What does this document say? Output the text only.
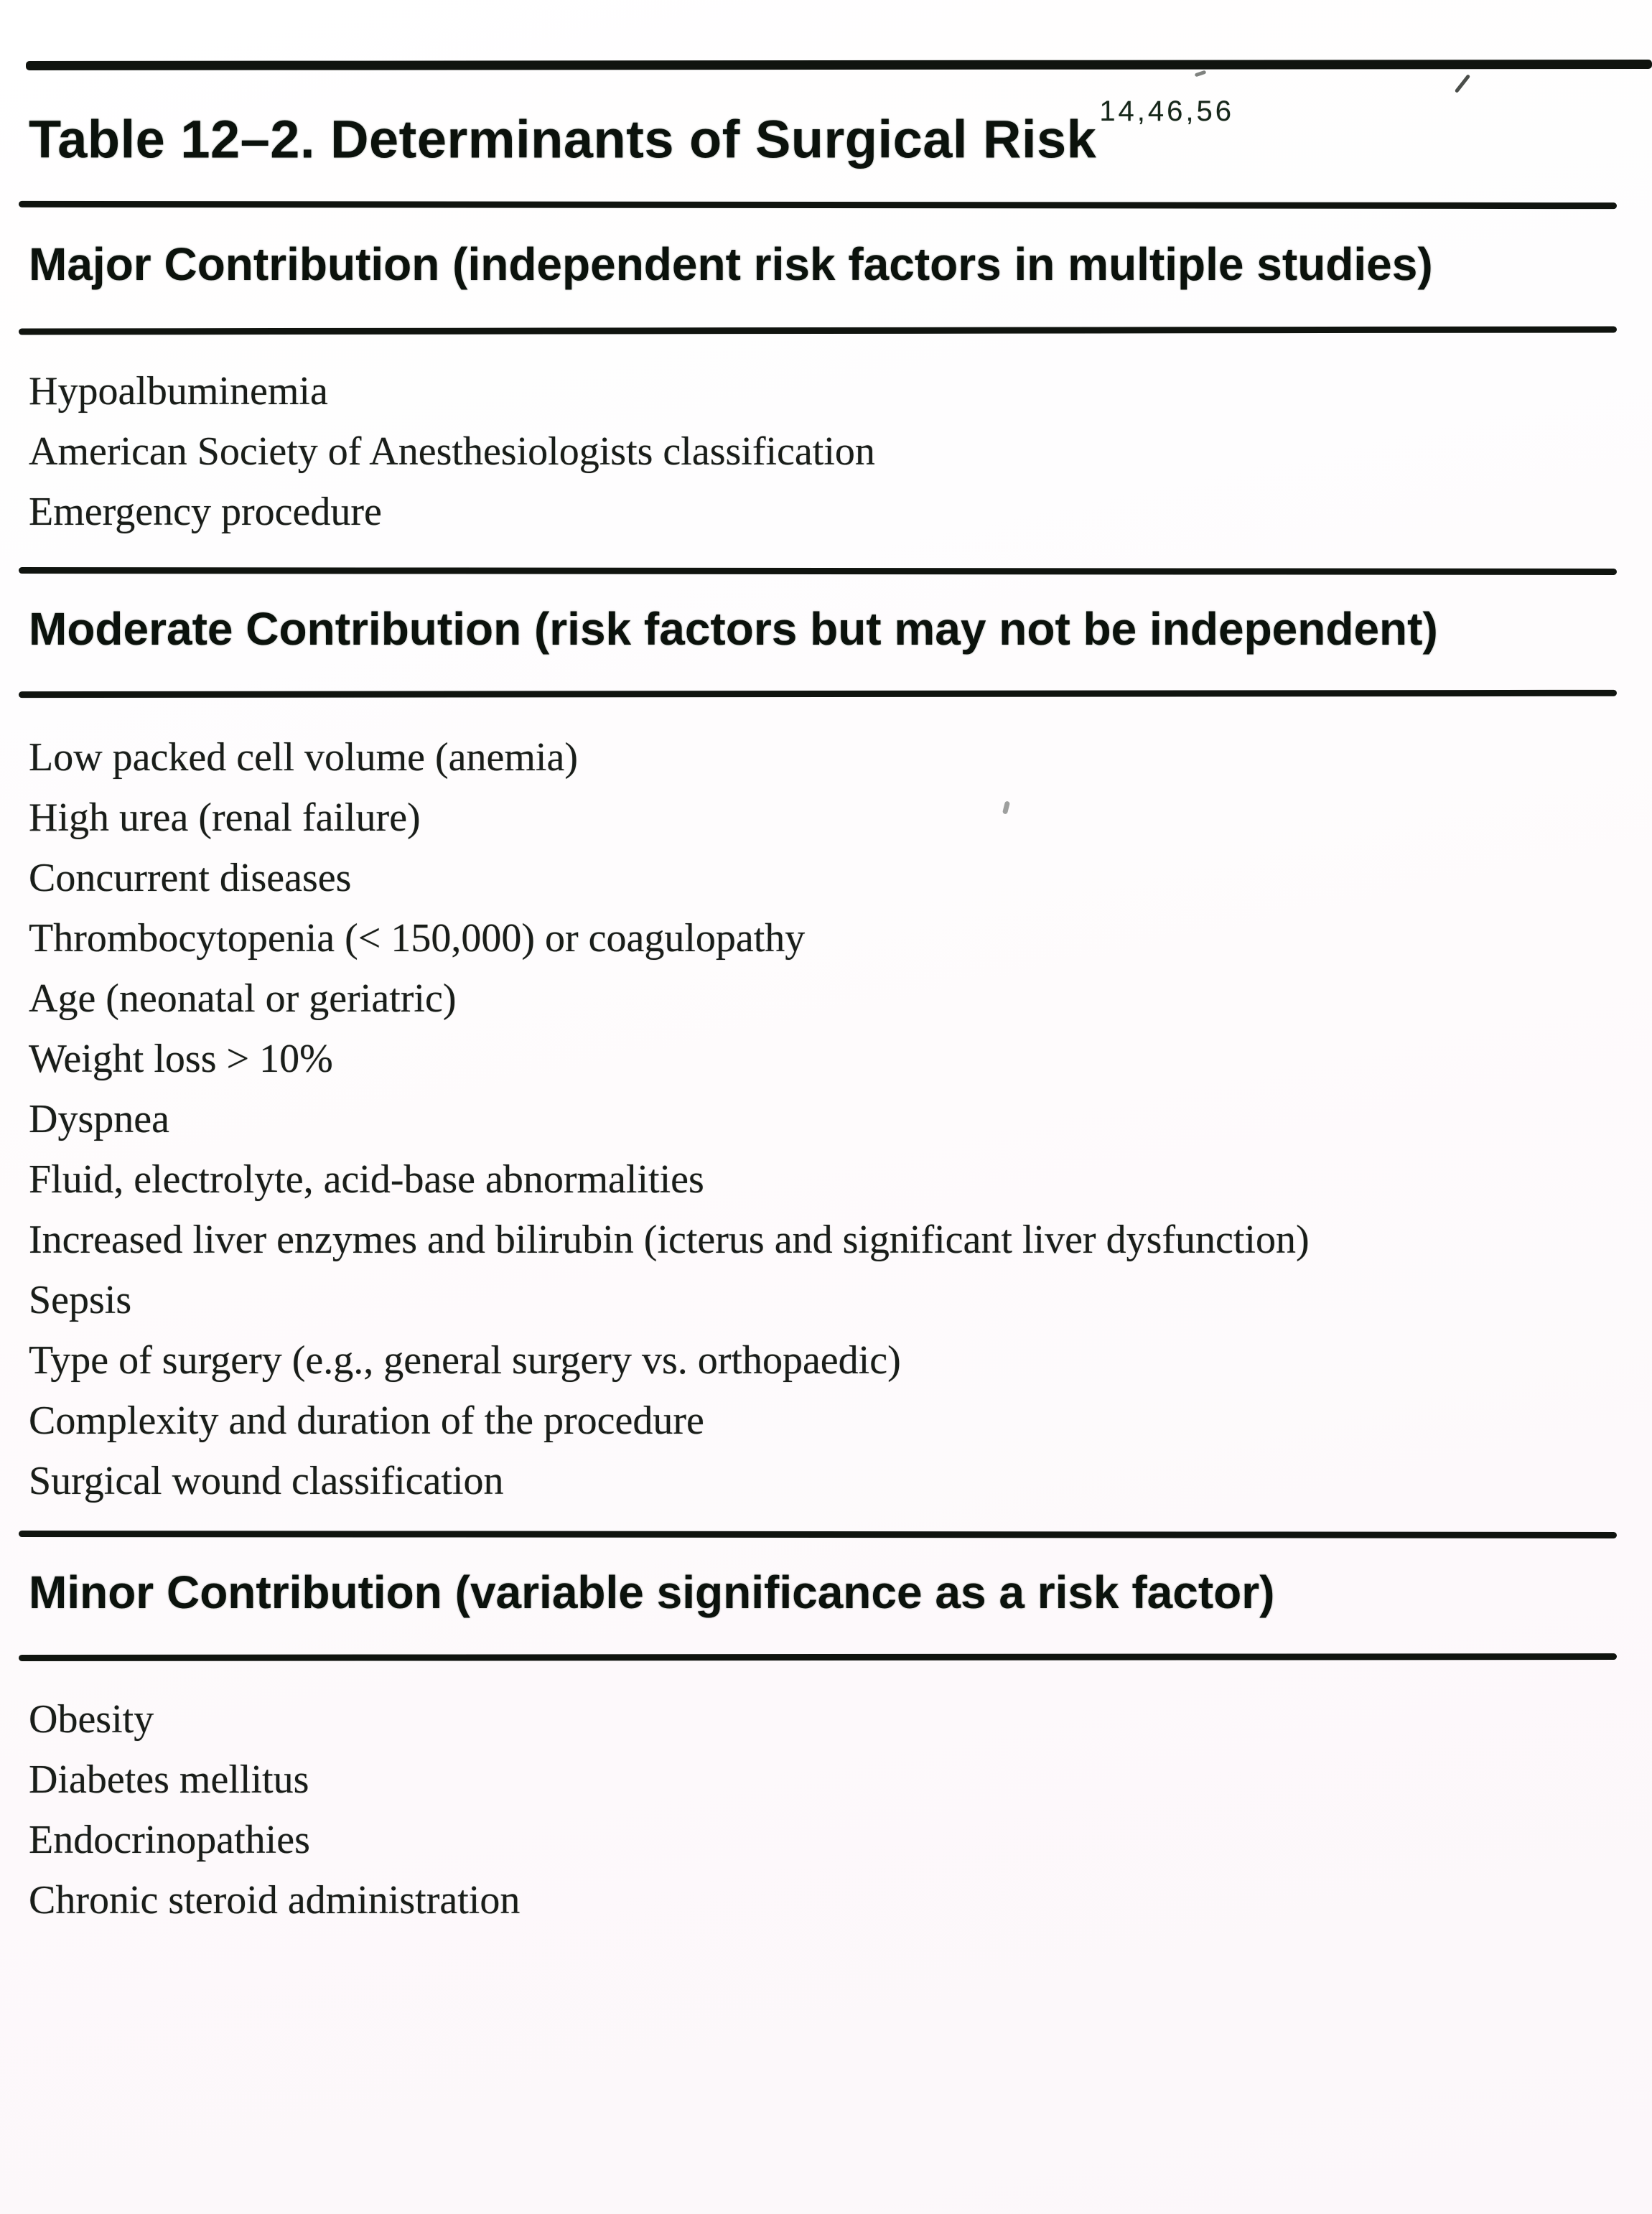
Table 12–2. Determinants of Surgical Risk $^{14,46,56}$
Major Contribution (independent risk factors in multiple studies)
Hypoalbuminemia
American Society of Anesthesiologists classification
Emergency procedure
Moderate Contribution (risk factors but may not be independent)
Low packed cell volume (anemia)
High urea (renal failure)
Concurrent diseases
Thrombocytopenia (< 150,000) or coagulopathy
Age (neonatal or geriatric)
Weight loss > 10%
Dyspnea
Fluid, electrolyte, acid-base abnormalities
Increased liver enzymes and bilirubin (icterus and significant liver dysfunction)
Sepsis
Type of surgery (e.g., general surgery vs. orthopaedic)
Complexity and duration of the procedure
Surgical wound classification
Minor Contribution (variable significance as a risk factor)
Obesity
Diabetes mellitus
Endocrinopathies
Chronic steroid administration
